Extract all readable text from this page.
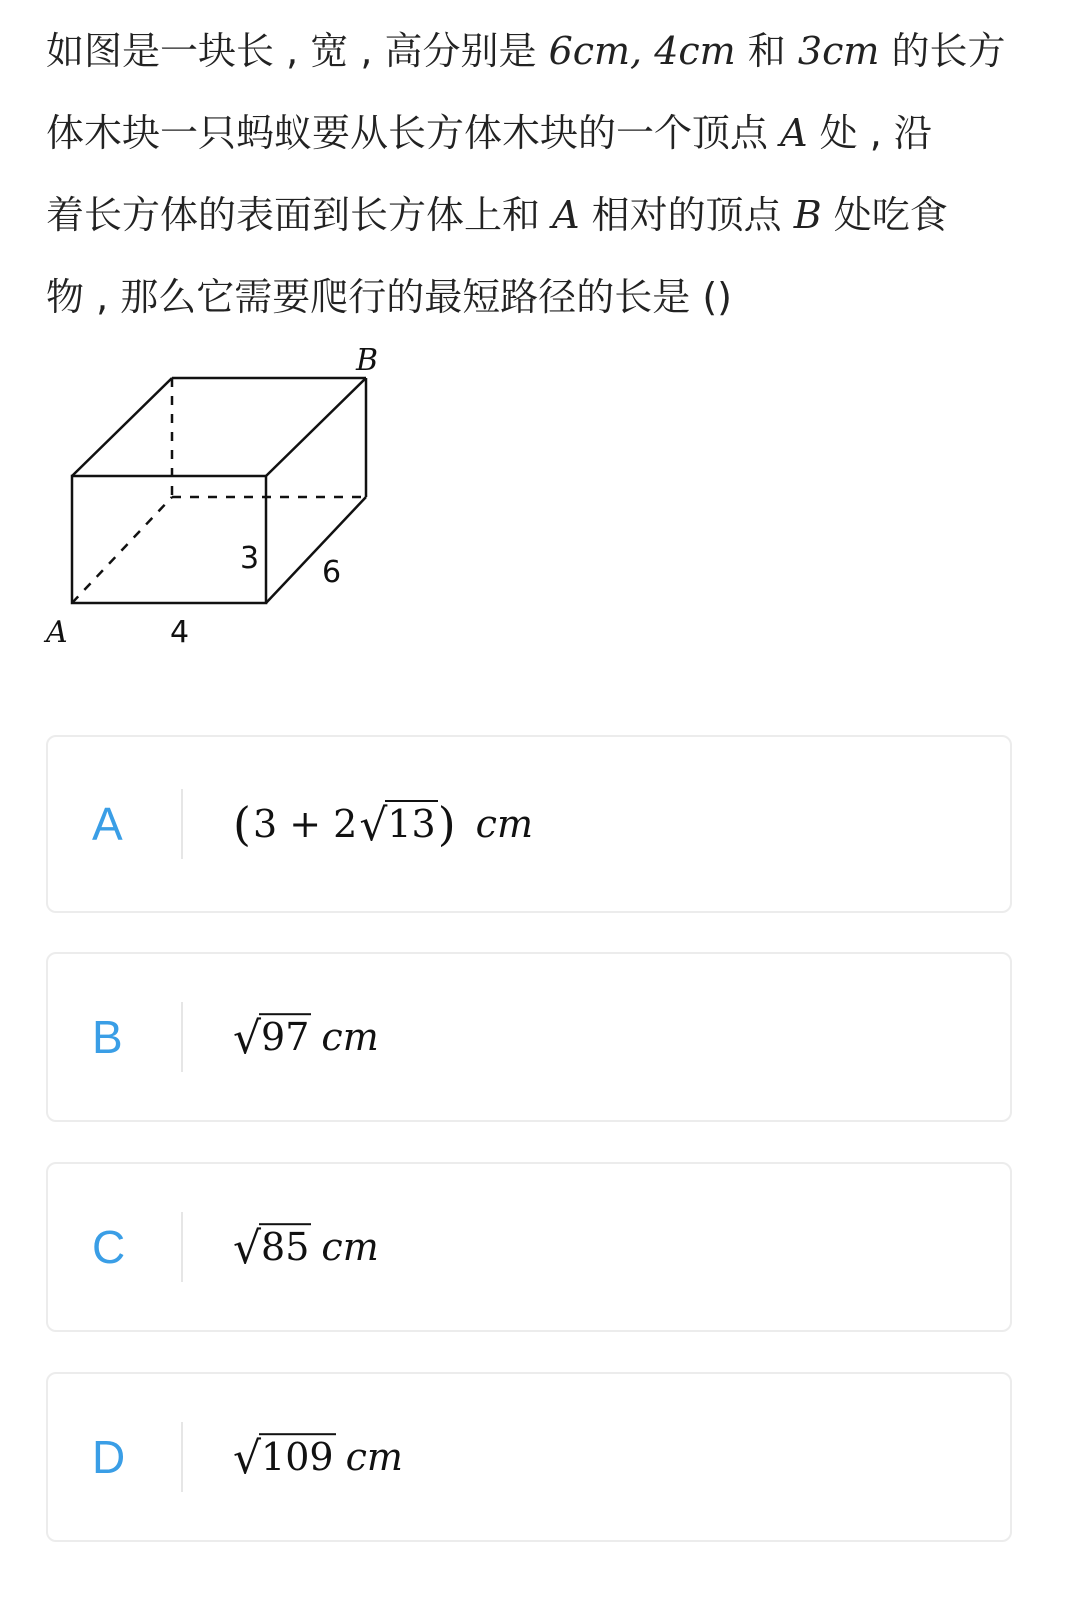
如图是一块长 , 宽 , 高分别是 6cm, 4cm 和 3cm 的长方
体木块一只蚂蚁要从长方体木块的一个顶点 A 处 , 沿
着长方体的表面到长方体上和 A 相对的顶点 B 处吃食
物 , 那么它需要爬行的最短路径的长是 ()
B
A
3 6
4
A ( 3 + 2 √ 13 ) cm
B	√ 97 cm
C √ 85 cm
D √ 109 cm
